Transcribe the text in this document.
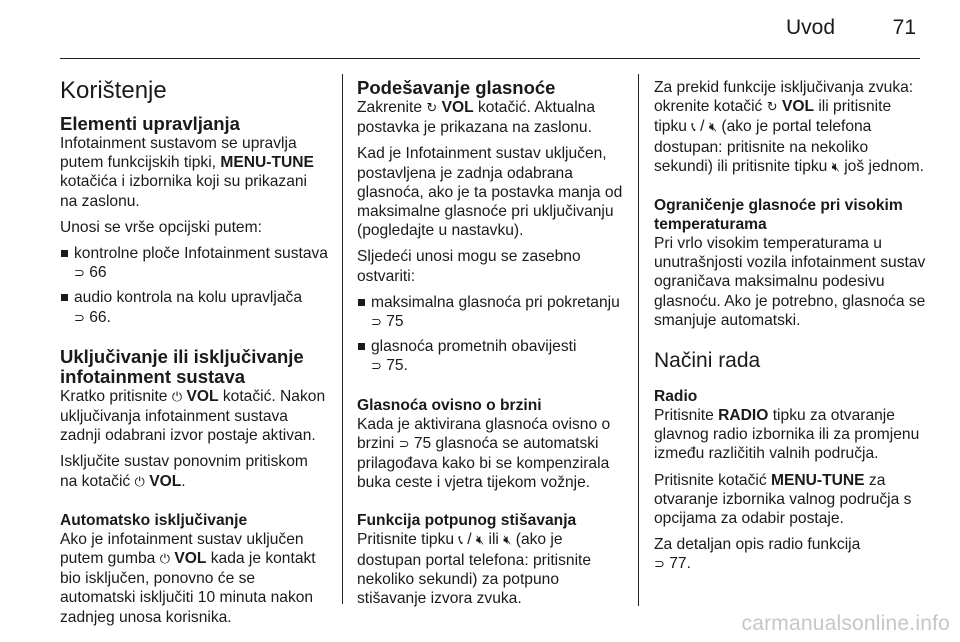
Uvod	71
Korištenje
Elementi upravljanja

Infotainment sustavom se upravlja putem funkcijskih tipki, MENU-TUNE kotačića i izbornika koji su prikazani na zaslonu.

Unosi se vrše opcijski putem:

kontrolne ploče Infotainment sustava ⊃ 66
audio kontrola na kolu upravljača
⊃ 66.
Uključivanje ili isključivanje infotainment sustava

Kratko pritisnite ⏻ VOL kotačić. Nakon uključivanja infotainment sustava zadnji odabrani izvor postaje aktivan.

Isključite sustav ponovnim pritiskom na kotačić ⏻ VOL.

Automatsko isključivanje

Ako je infotainment sustav uključen putem gumba ⏻ VOL kada je kontakt bio isključen, ponovno će se automatski isključiti 10 minuta nakon zadnjeg unosa korisnika.

Podešavanje glasnoće

Zakrenite ↻ VOL kotačić. Aktualna postavka je prikazana na zaslonu.

Kad je Infotainment sustav uključen, postavljena je zadnja odabrana glasnoća, ako je ta postavka manja od maksimalne glasnoće pri uključivanju (pogledajte u nastavku).

Sljedeći unosi mogu se zasebno ostvariti:

maksimalna glasnoća pri pokretanju ⊃ 75
glasnoća prometnih obavijesti
⊃ 75.
Glasnoća ovisno o brzini

Kada je aktivirana glasnoća ovisno o brzini ⊃ 75 glasnoća se automatski prilagođava kako bi se kompenzirala buka ceste i vjetra tijekom vožnje.

Funkcija potpunog stišavanja

Pritisnite tipku 📞︎ / 🔇︎ ili 🔇︎ (ako je dostupan portal telefona: pritisnite nekoliko sekundi) za potpuno stišavanje izvora zvuka.

Za prekid funkcije isključivanja zvuka: okrenite kotačić ↻ VOL ili pritisnite tipku 📞︎ / 🔇︎ (ako je portal telefona dostupan: pritisnite na nekoliko sekundi) ili pritisnite tipku 🔇︎ još jednom.

Ograničenje glasnoće pri visokim temperaturama

Pri vrlo visokim temperaturama u unutrašnjosti vozila infotainment sustav ograničava maksimalnu podesivu glasnoću. Ako je potrebno, glasnoća se smanjuje automatski.

Načini rada
Radio

Pritisnite RADIO tipku za otvaranje glavnog radio izbornika ili za promjenu između različitih valnih područja.

Pritisnite kotačić MENU-TUNE za otvaranje izbornika valnog područja s opcijama za odabir postaje.

Za detaljan opis radio funkcija
⊃ 77.

carmanualsonline.info
